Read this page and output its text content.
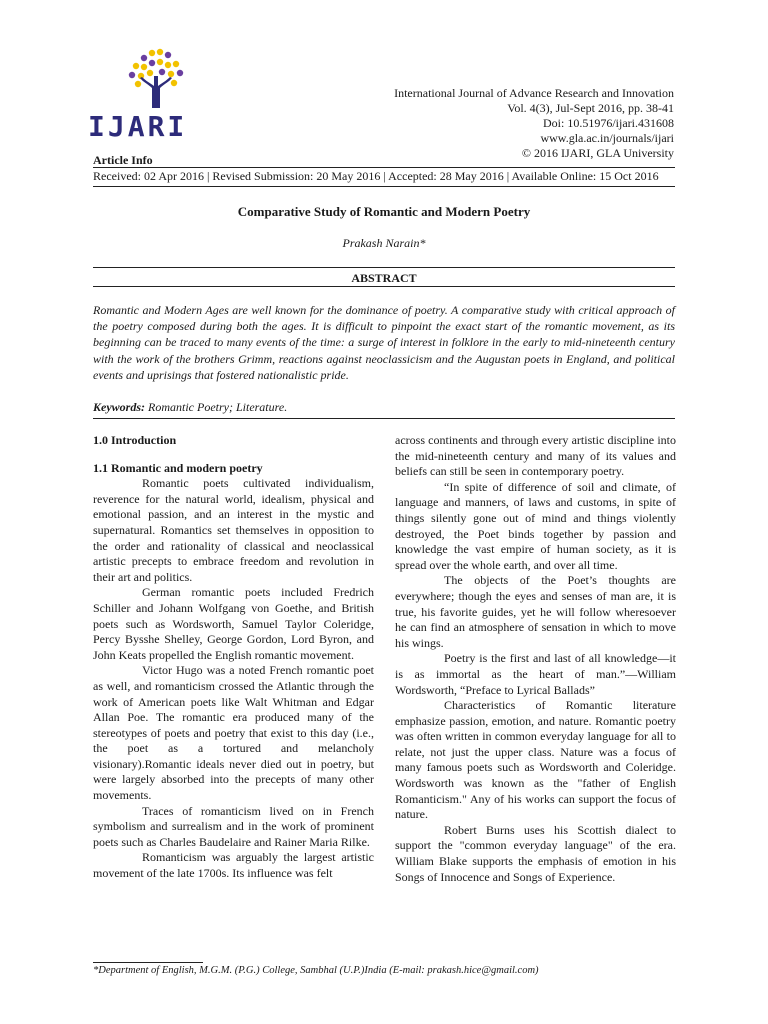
IJARI
International Journal of Advance Research and Innovation
Vol. 4(3), Jul-Sept 2016, pp. 38-41
Doi: 10.51976/ijari.431608
www.gla.ac.in/journals/ijari
© 2016 IJARI, GLA University
Article Info
Received: 02 Apr 2016 | Revised Submission: 20 May 2016 | Accepted: 28 May 2016 | Available Online: 15 Oct 2016
Comparative Study of Romantic and Modern Poetry
Prakash Narain*
ABSTRACT
Romantic and Modern Ages are well known for the dominance of poetry. A comparative study with critical approach of the poetry composed during both the ages. It is difficult to pinpoint the exact start of the romantic movement, as its beginning can be traced to many events of the time: a surge of interest in folklore in the early to mid-nineteenth century with the work of the brothers Grimm, reactions against neoclassicism and the Augustan poets in England, and political events and uprisings that fostered nationalistic pride.
Keywords: Romantic Poetry; Literature.

1.0 Introduction

1.1 Romantic and modern poetry

Romantic poets cultivated individualism, reverence for the natural world, idealism, physical and emotional passion, and an interest in the mystic and supernatural. Romantics set themselves in opposition to the order and rationality of classical and neoclassical artistic precepts to embrace freedom and revolution in their art and politics.

German romantic poets included Fredrich Schiller and Johann Wolfgang von Goethe, and British poets such as Wordsworth, Samuel Taylor Coleridge, Percy Bysshe Shelley, George Gordon, Lord Byron, and John Keats propelled the English romantic movement.

Victor Hugo was a noted French romantic poet as well, and romanticism crossed the Atlantic through the work of American poets like Walt Whitman and Edgar Allan Poe. The romantic era produced many of the stereotypes of poets and poetry that exist to this day (i.e., the poet as a tortured and melancholy visionary).Romantic ideals never died out in poetry, but were largely absorbed into the precepts of many other movements.

Traces of romanticism lived on in French symbolism and surrealism and in the work of prominent poets such as Charles Baudelaire and Rainer Maria Rilke.

Romanticism was arguably the largest artistic movement of the late 1700s. Its influence was felt

across continents and through every artistic discipline into the mid-nineteenth century and many of its values and beliefs can still be seen in contemporary poetry.

“In spite of difference of soil and climate, of language and manners, of laws and customs, in spite of things silently gone out of mind and things violently destroyed, the Poet binds together by passion and knowledge the vast empire of human society, as it is spread over the whole earth, and over all time.

The objects of the Poet’s thoughts are everywhere; though the eyes and senses of man are, it is true, his favorite guides, yet he will follow wheresoever he can find an atmosphere of sensation in which to move his wings.

Poetry is the first and last of all knowledge—it is as immortal as the heart of man.”—William Wordsworth, “Preface to Lyrical Ballads”

Characteristics of Romantic literature emphasize passion, emotion, and nature. Romantic poetry was often written in common everyday language for all to relate, not just the upper class. Nature was a focus of many famous poets such as Wordsworth and Coleridge. Wordsworth was known as the "father of English Romanticism." Any of his works can support the focus of nature.

Robert Burns uses his Scottish dialect to support the "common everyday language" of the era. William Blake supports the emphasis of emotion in his Songs of Innocence and Songs of Experience.

*Department of English, M.G.M. (P.G.) College, Sambhal (U.P.)India (E-mail: prakash.hice@gmail.com)
